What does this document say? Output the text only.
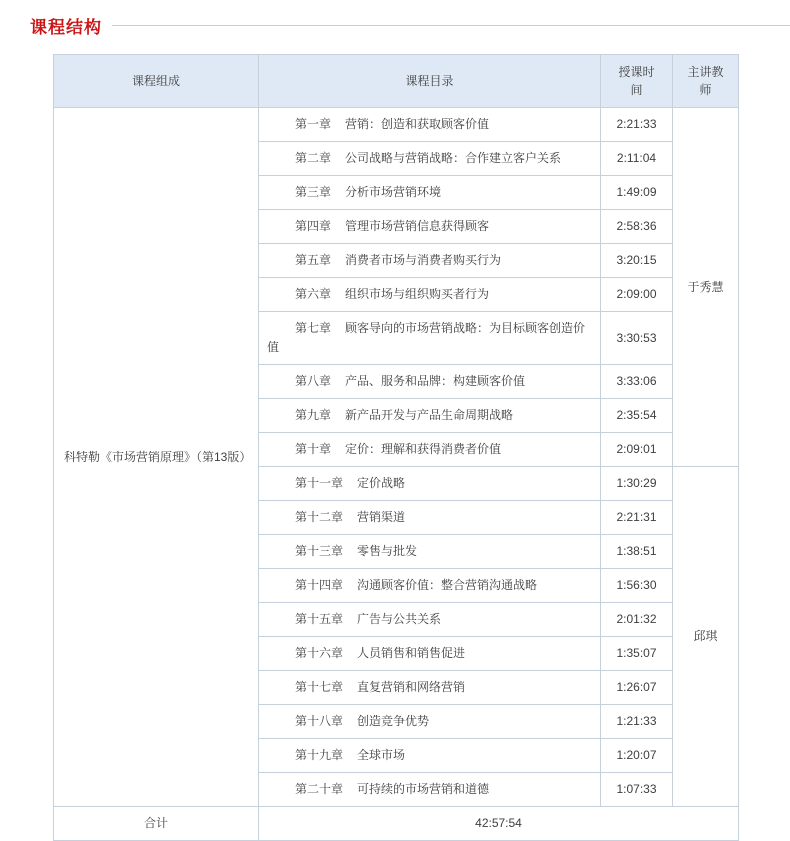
课程结构
课程组成	课程目录	授课时间	主讲教师
科特勒《市场营销原理》（第13版）	第一章 营销：创造和获取顾客价值	2:21:33	于秀慧
	第二章 公司战略与营销战略：合作建立客户关系	2:11:04	
	第三章 分析市场营销环境	1:49:09	
	第四章 管理市场营销信息获得顾客	2:58:36	
	第五章 消费者市场与消费者购买行为	3:20:15	
	第六章 组织市场与组织购买者行为	2:09:00	
	第七章 顾客导向的市场营销战略：为目标顾客创造价值	3:30:53	
	第八章 产品、服务和品牌：构建顾客价值	3:33:06	
	第九章 新产品开发与产品生命周期战略	2:35:54	
	第十章 定价：理解和获得消费者价值	2:09:01	
	第十一章 定价战略	1:30:29	邱琪
	第十二章 营销渠道	2:21:31	
	第十三章 零售与批发	1:38:51	
	第十四章 沟通顾客价值：整合营销沟通战略	1:56:30	
	第十五章 广告与公共关系	2:01:32	
	第十六章 人员销售和销售促进	1:35:07	
	第十七章 直复营销和网络营销	1:26:07	
	第十八章 创造竞争优势	1:21:33	
	第十九章 全球市场	1:20:07	
	第二十章 可持续的市场营销和道德	1:07:33	
合计	42:57:54		
